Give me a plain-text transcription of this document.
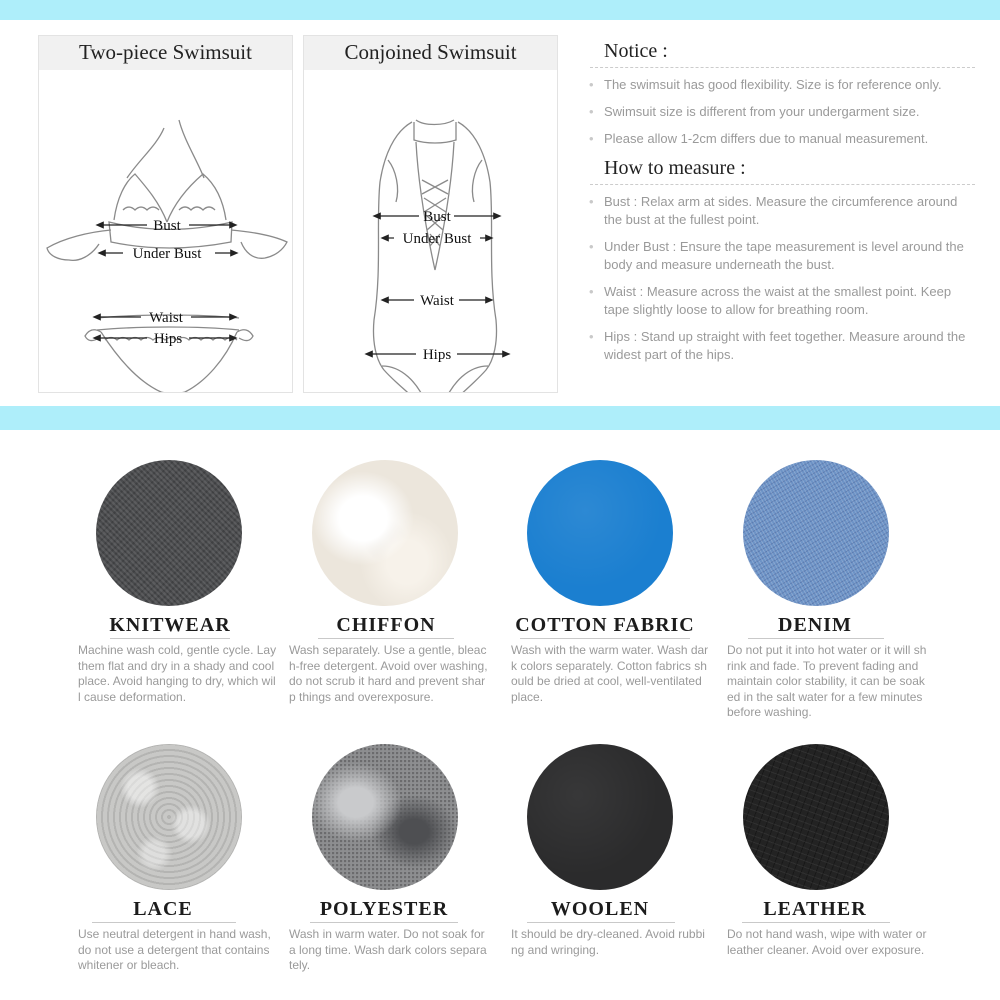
Two-piece Swimsuit
Bust
Under Bust
Waist
Hips
Conjoined Swimsuit
Bust
Under Bust
Waist
Hips
Notice :
• The swimsuit has good flexibility. Size is for reference only.
• Swimsuit size is different from your undergarment size.
• Please allow 1-2cm differs due to manual measurement.
How to measure :
• Bust : Relax arm at sides. Measure the circumference around the bust at the fullest point.
• Under Bust : Ensure the tape measurement is level around the body and measure underneath the bust.
• Waist : Measure across the waist at the smallest point. Keep tape slightly loose to allow for breathing room.
• Hips : Stand up straight with feet together. Measure around the widest part of the hips.
KNITWEAR
Machine wash cold, gentle cycle. Lay them flat and dry in a shady and cool place. Avoid hanging to dry, which will cause deformation.
CHIFFON
Wash separately. Use a gentle, bleach-free detergent. Avoid over washing, do not scrub it hard and prevent sharp things and overexposure.
COTTON FABRIC
Wash with the warm water. Wash dark colors separately. Cotton fabrics should be dried at cool, well-ventilated place.
DENIM
Do not put it into hot water or it will shrink and fade. To prevent fading and maintain color stability, it can be soaked in the salt water for a few minutes before washing.
LACE
Use neutral detergent in hand wash, do not use a detergent that contains whitener or bleach.
POLYESTER
Wash in warm water. Do not soak for a long time. Wash dark colors separately.
WOOLEN
It should be dry-cleaned. Avoid rubbing and wringing.
LEATHER
Do not hand wash, wipe with water or leather cleaner. Avoid over exposure.
